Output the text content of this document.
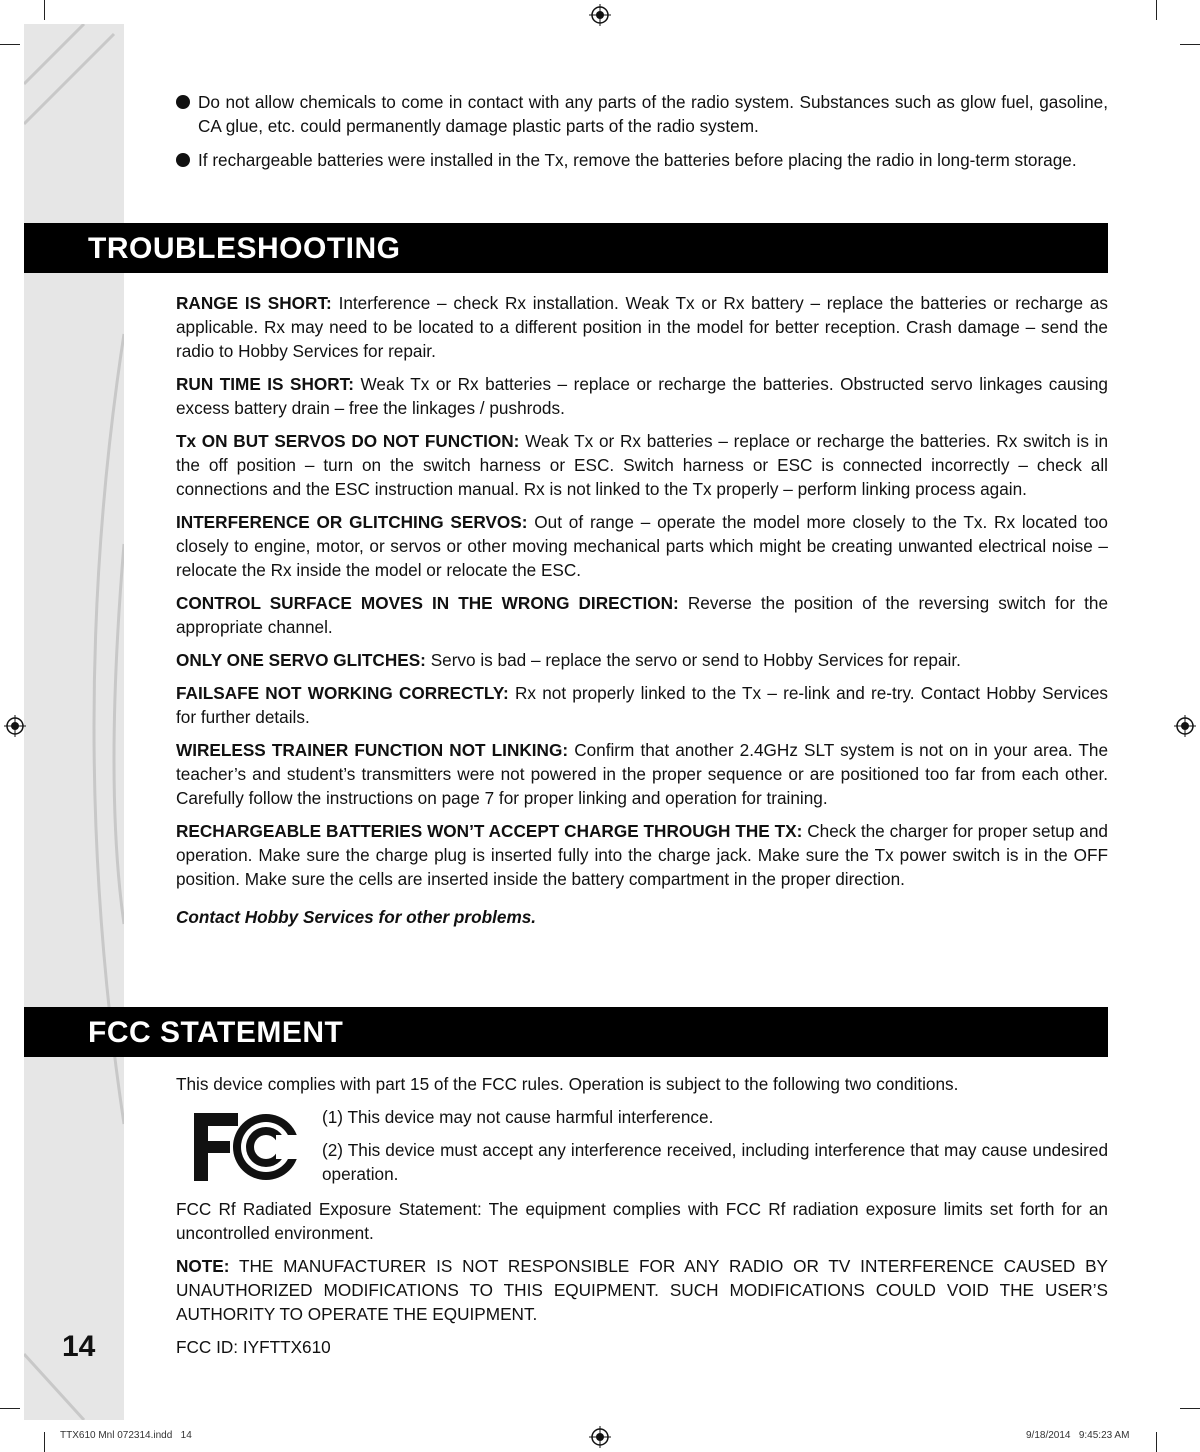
Do not allow chemicals to come in contact with any parts of the radio system. Substances such as glow fuel, gasoline, CA glue, etc. could permanently damage plastic parts of the radio system.
If rechargeable batteries were installed in the Tx, remove the batteries before placing the radio in long-term storage.
TROUBLESHOOTING

RANGE IS SHORT: Interference – check Rx installation. Weak Tx or Rx battery – replace the batteries or recharge as applicable. Rx may need to be located to a different position in the model for better reception. Crash damage – send the radio to Hobby Services for repair.

RUN TIME IS SHORT: Weak Tx or Rx batteries – replace or recharge the batteries. Obstructed servo linkages causing excess battery drain – free the linkages / pushrods.

Tx ON BUT SERVOS DO NOT FUNCTION: Weak Tx or Rx batteries – replace or recharge the batteries. Rx switch is in the off position – turn on the switch harness or ESC. Switch harness or ESC is connected incorrectly – check all connections and the ESC instruction manual. Rx is not linked to the Tx properly – perform linking process again.

INTERFERENCE OR GLITCHING SERVOS: Out of range – operate the model more closely to the Tx. Rx located too closely to engine, motor, or servos or other moving mechanical parts which might be creating unwanted electrical noise – relocate the Rx inside the model or relocate the ESC.

CONTROL SURFACE MOVES IN THE WRONG DIRECTION: Reverse the position of the reversing switch for the appropriate channel.

ONLY ONE SERVO GLITCHES: Servo is bad – replace the servo or send to Hobby Services for repair.

FAILSAFE NOT WORKING CORRECTLY: Rx not properly linked to the Tx – re-link and re-try. Contact Hobby Services for further details.

WIRELESS TRAINER FUNCTION NOT LINKING: Confirm that another 2.4GHz SLT system is not on in your area. The teacher’s and student’s transmitters were not powered in the proper sequence or are positioned too far from each other. Carefully follow the instructions on page 7 for proper linking and operation for training.

RECHARGEABLE BATTERIES WON’T ACCEPT CHARGE THROUGH THE TX: Check the charger for proper setup and operation. Make sure the charge plug is inserted fully into the charge jack. Make sure the Tx power switch is in the OFF position. Make sure the cells are inserted inside the battery compartment in the proper direction.

Contact Hobby Services for other problems.

FCC STATEMENT

This device complies with part 15 of the FCC rules. Operation is subject to the following two conditions.

(1) This device may not cause harmful interference.

(2) This device must accept any interference received, including interference that may cause undesired operation.

FCC Rf Radiated Exposure Statement: The equipment complies with FCC Rf radiation exposure limits set forth for an uncontrolled environment.

NOTE: THE MANUFACTURER IS NOT RESPONSIBLE FOR ANY RADIO OR TV INTERFERENCE CAUSED BY UNAUTHORIZED MODIFICATIONS TO THIS EQUIPMENT. SUCH MODIFICATIONS COULD VOID THE USER’S AUTHORITY TO OPERATE THE EQUIPMENT.

FCC ID: IYFTTX610

14
TTX610 Mnl 072314.indd   14	9/18/2014   9:45:23 AM
